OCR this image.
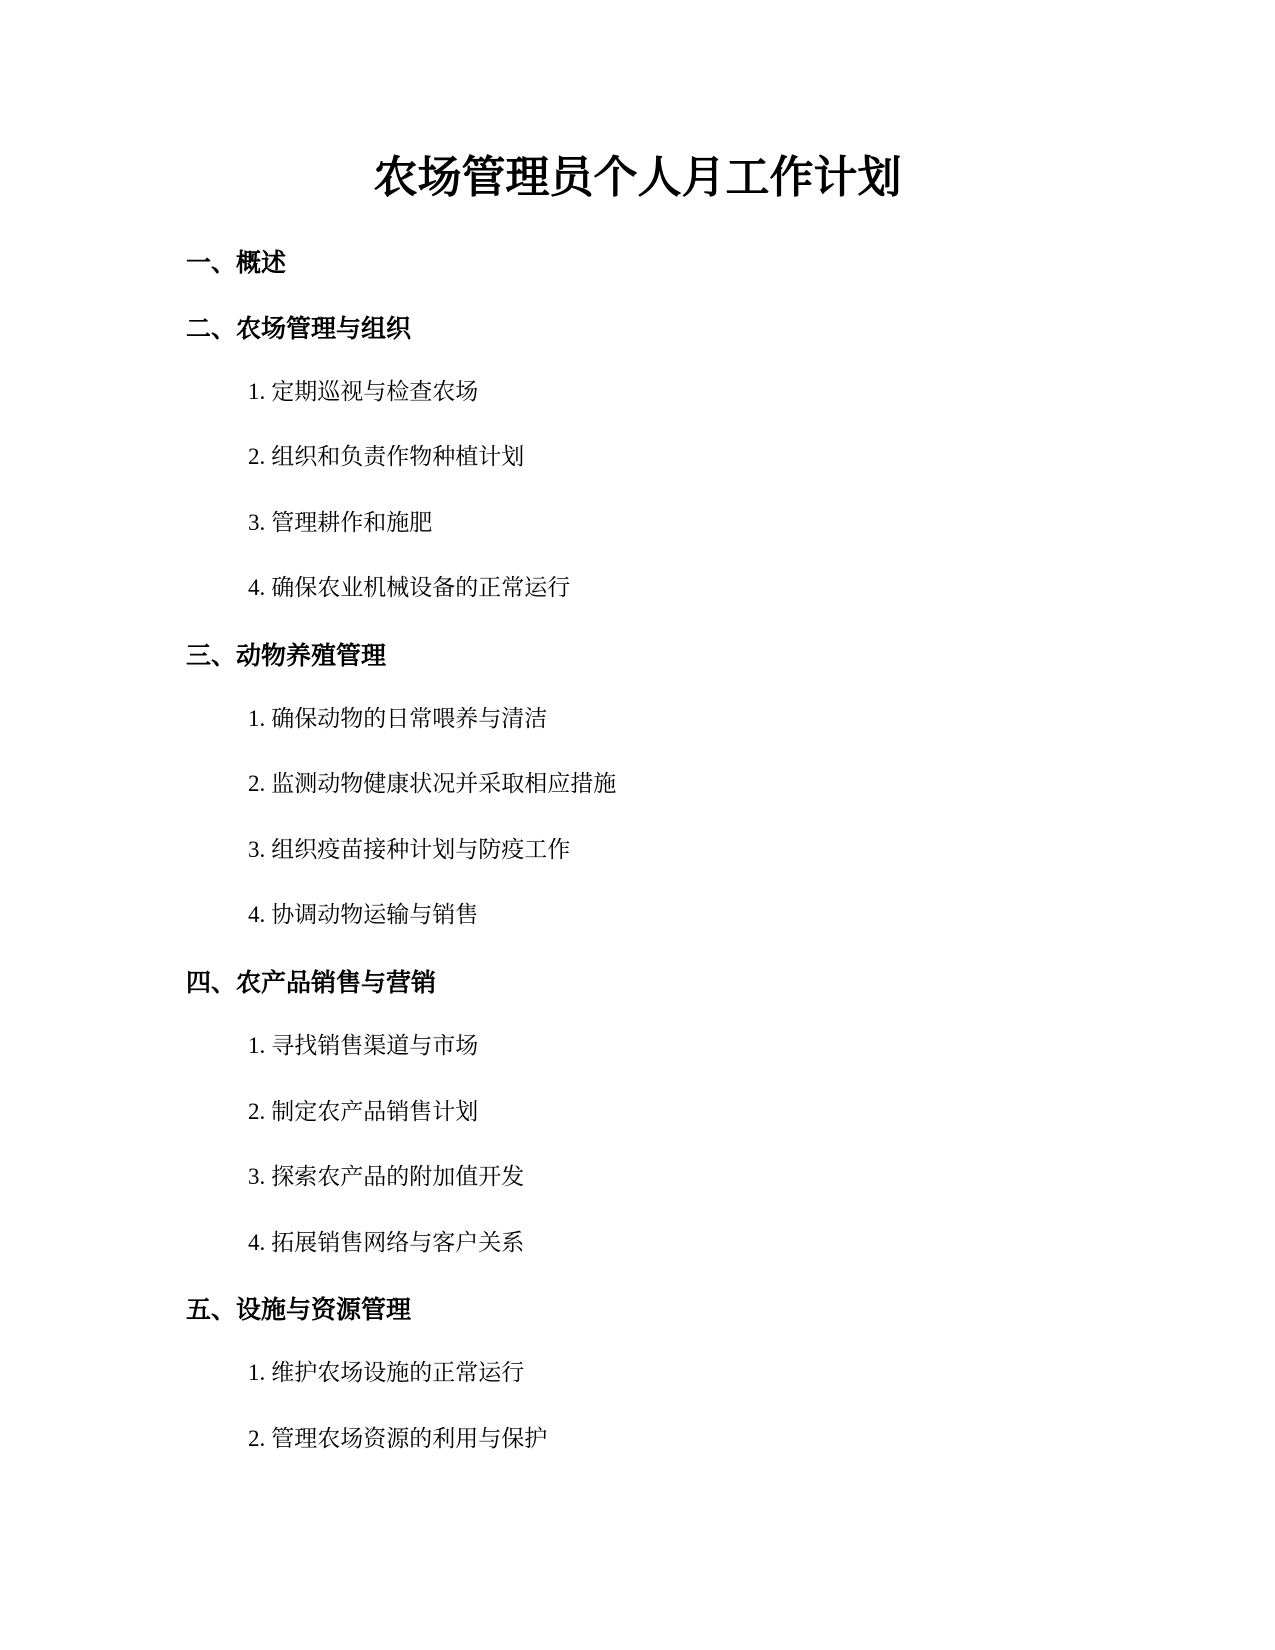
农场管理员个人月工作计划
一、概述
二、农场管理与组织

1. 定期巡视与检查农场

2. 组织和负责作物种植计划

3. 管理耕作和施肥

4. 确保农业机械设备的正常运行

三、动物养殖管理

1. 确保动物的日常喂养与清洁

2. 监测动物健康状况并采取相应措施

3. 组织疫苗接种计划与防疫工作

4. 协调动物运输与销售

四、农产品销售与营销

1. 寻找销售渠道与市场

2. 制定农产品销售计划

3. 探索农产品的附加值开发

4. 拓展销售网络与客户关系

五、设施与资源管理

1. 维护农场设施的正常运行

2. 管理农场资源的利用与保护
